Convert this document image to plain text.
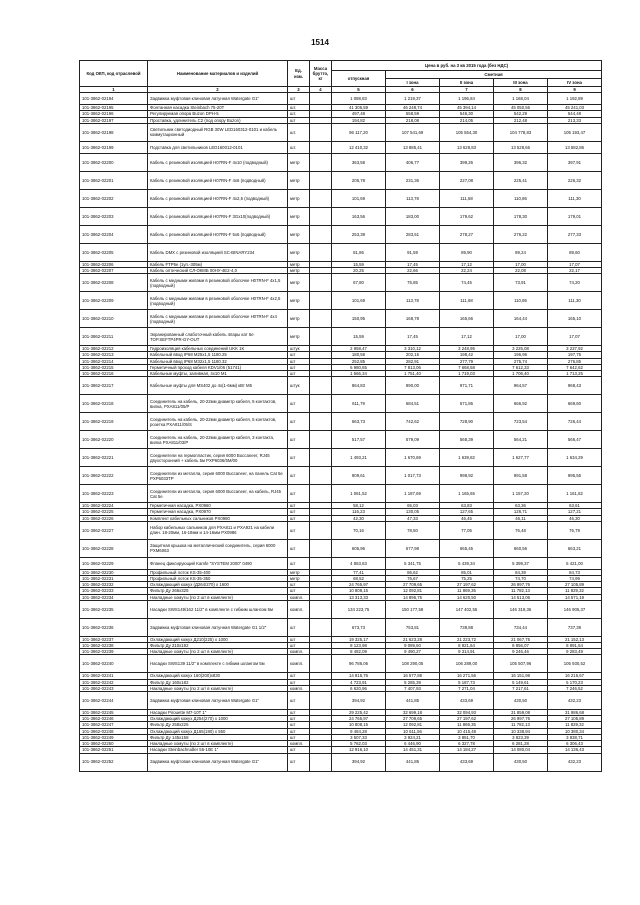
1514
Код ОКП, код отраслевой	Наименование материалов и изделий	Ед. изм.	Масса брутто, кг	Цена в руб. на 3 кв 2015 года (без НДС)				
				отпускная	Сметная			
					I зона	II зона	III зона	IV зона
1	2	3	4	5	6	7	8	9
101-3862-02194	Задвижка муфтовая клиновая латунная Watergate G1"	шт		1 088,83	1 219,37	1 196,84	1 168,04	1 192,89
101-3862-02195	Фонтанная насадка Steinbach 75-20Т	шт.		41 305,59	46 248,74	45 394,14	45 050,56	45 241,03
101-3862-02196	Регулируемая опора Buzon DPH-5	шт.		497,48	558,59	546,30	542,29	544,48
101-3862-02197	Проставка, удлинитель С2 (под опору Buzon)	шт		194,82	218,08	214,05	212,48	213,33
101-3862-02198	Светильник светодиодный RGB 30W LED160312-0101 и кабель коммутационный	шт.		96 117,20	107 541,69	105 554,30	104 778,83	105 193,47
101-3862-02199	Подставка для светильников LED160012-0101	шт.		12 410,32	13 885,41	13 628,83	13 528,66	13 582,86
101-3862-02200	Кабель с резиновой изоляцией H07RN-F 4х10 (подводный)	метр		363,58	406,77	399,26	396,32	397,91
101-3862-02201	Кабель с резиновой изоляцией H07RN-F 4х6 (подводный)	метр		206,78	231,36	227,08	225,41	226,32
101-3862-02202	Кабель с резиновой изоляцией H07RN-F 4х2,5 (подводный)	метр		101,69	113,78	111,68	110,86	111,30
101-3862-02203	Кабель с резиновой изоляцией H07RN-F 3Gх10(подводный)	метр		163,56	183,00	179,62	178,30	179,01
101-3862-02204	Кабель с резиновой изоляцией H07RN-F 5х6 (подводный)	метр		253,39	283,51	278,27	276,22	277,33
101-3862-02205	Кабель DMX с резиновой изоляцией SC-BINARY234	метр		81,86	91,59	89,90	89,24	89,60
101-3862-02206	Кабель FTP5e (1уп.-305м)	метр		15,59	17,45	17,12	17,00	17,07
101-3862-02207	Кабель оптический СЛ-ОКМБ 00НУ-4Е2-4,0	метр		20,25	22,66	22,24	22,08	22,17
101-3862-02208	Кабель с медными жилами в резиновой оболочке H07RN-F 4х1,5 (подводный)	метр		67,80	75,85	74,45	73,91	74,20
101-3862-02209	Кабель с медными жилами в резиновой оболочке H07RN-F 4х2,5 (подводный)	метр		101,69	113,78	111,68	110,86	111,30
101-3862-02210	Кабель с медными жилами в резиновой оболочке H07RN-F 4х4 (подводный)	метр		150,95	168,78	165,66	164,44	165,10
101-3862-02211	Экранированный слаботочный кабель 4пары кат 5е TOP.SEFTP4PR-GY-OUT	метр		15,59	17,45	17,12	17,00	17,07
101-3862-02212	Гидроизоляция кабельных соединений UKK 1K	штук		2 958,47	3 310,12	3 248,95	3 225,08	3 237,92
101-3862-02213	Кабельный ввод IP68 M25х1,5 1180.25	шт		180,58	202,15	198,42	196,96	197,75
101-3862-02214	Кабельный ввод IP68 M32х1,5 1180.32	шт		252,85	282,91	277,79	275,74	276,85
101-3862-02215	Герметичный проход кабеля KDV1/06 (51741)	шт		6 980,65	7 813,06	7 668,58	7 612,33	7 642,62
101-3862-02216	Кабельные муфты, заливная, 4х10 M1	шт		1 566,34	1 751,40	1 719,03	1 706,40	1 713,25
101-3862-02217	Кабельные муфты для MS402 до 4х(1-6мм) кВт M5	штук		864,83	990,00	971,71	964,57	968,43
101-3862-02218	Соединитель на кабель, 20-22мм диаметр кабеля, 5 контактов, вилка, PXA811/05/P	шт		611,79	684,51	671,86	666,92	669,60
101-3862-02219	Соединитель на кабель, 20-22мм диаметр кабеля, 5 контактов, розетка PXA811/05/S	шт		663,73	742,62	728,90	723,54	726,44
101-3862-02220	Соединитель на кабель, 20-22мм диаметр кабеля, 3 контакта, вилка PXA811/03/P	шт		517,57	579,09	568,39	564,21	566,47
101-3862-02221	Соединители на гермопластик, серия 6000 Buccaneer, RJ45 двухсторонний + кабель 5м PXP6036/5M/00	шт		1 493,21	1 670,69	1 639,82	1 627,77	1 634,29
101-3862-02222	Соединители из металла, серия 6000 Buccaneer, на панель Cat 5e PXP6033TP	шт		909,61	1 017,73	998,92	991,58	995,55
101-3862-02223	Соединители из металла, серия 6000 Buccaneer, на кабель, RJ45 Cat 5e	шт		1 061,52	1 187,69	1 165,65	1 157,20	1 161,82
101-3862-02224	Герметичная насадка, PX0960	шт		58,12	65,03	63,83	63,36	63,61
101-3862-02225	Герметичная насадка, PX0970	шт		116,23	130,05	127,65	126,71	127,21
101-3862-02226	Комплект кабельных сальников PX0980	шт		42,30	47,33	46,45	46,11	46,30
101-3862-02227	Набор кабельных сальников для PXA811 и PXA921 на кабели длин. 18-20мм, 16-18мм и 14-16мм PX0986	шт		70,16	78,50	77,05	76,48	76,79
101-3862-02228	Защитная крышка на металлический соединитель, серия 6000 PXM6063	шт		605,96	677,98	665,45	660,56	663,21
101-3862-02229	Фланец фиксирующий Kamfe "SYSTEM 2000" 0490	шт		4 853,63	5 341,75	5 439,34	5 399,37	5 421,00
101-3862-02230	Профильный лоток KS-35-400	метр		77,41	86,62	85,01	84,39	84,73
101-3862-02231	Профильный лоток KS-35-350	метр		68,52	76,67	75,25	74,70	74,99
101-3862-02232	Охлаждающий кожух (Д264/270) х 1600	шт		24 765,97	27 709,65	27 197,62	26 997,76	27 105,89
101-3862-02233	Фильтр Ду 266х325	шт		10 808,15	12 092,81	11 869,35	11 782,13	11 829,32
101-3862-02234	Накладные хомуты (по 2 шт в комплекте)	компл.		13 313,33	14 895,75	14 620,50	14 513,06	14 571,19
101-3862-02235	Насадки SWS149/162 11/2" в комплекте с гибким шлангом 5м	компл.		134 223,75	150 177,58	147 402,55	146 319,36	146 905,37
101-3862-02236	Задвижка муфтовая клиновая латунная Watergate G1 1/2"	шт		673,73	753,81	739,88	734,44	737,39
101-3862-02237	Охлаждающий кожух Д210(225) х 1000	шт		19 325,17	21 623,28	21 223,72	21 067,75	21 152,13
101-3862-02238	Фильтр Ду 210х192	шт		8 123,98	9 089,60	8 921,64	8 856,07	8 891,54
101-3862-02239	Накладные хомуты (по 2 шт в комплекте)	компл.		8 482,09	9 490,27	9 314,91	9 246,46	9 283,49
101-3862-02240	Насадки SWS139 11/2" в комплекте с гибким шлангом 5м	компл.		96 786,06	108 290,05	106 289,00	105 507,96	105 930,52
101-3862-02241	Охлаждающий кожух 160(200)х830	шт		14 815,76	16 577,88	16 271,56	16 151,98	16 216,67
101-3862-02242	Фильтр Ду 160х182	шт		4 723,91	5 285,39	5 187,73	5 149,61	5 170,23
101-3862-02243	Накладные хомуты (по 2 шт в комплекте)	компл.		6 620,96	7 407,93	7 271,04	7 217,61	7 246,52
101-3862-02244	Задвижка муфтовая клиновая латунная Watergate G1"	шт		394,92	441,85	433,69	430,50	432,23
101-3862-02245	Насадки Pirouette M7-10Т 1"	шт		29 225,42	32 699,18	32 094,93	31 859,08	31 986,68
101-3862-02246	Охлаждающий кожух Д254(270) х 1000	шт		24 765,97	27 709,65	27 197,62	26 997,76	27 105,89
101-3862-02247	Фильтр Ду 258х225	шт		10 808,15	12 092,81	11 869,35	11 782,13	11 829,32
101-3862-02248	Охлаждающий кожух Д165(180) х 550	шт		9 484,28	10 611,56	10 415,48	10 338,94	10 380,34
101-3862-02249	Фильтр Ду 145х158	шт		3 507,33	3 924,21	3 851,70	3 823,39	3 838,71
101-3862-02250	Накладные хомуты (по 2 шт в комплекте)	компл.		5 762,03	6 446,90	6 327,78	6 281,28	6 306,43
101-3862-02251	Насадки Steinbachrudler 55-10Е 1"	шт		12 916,10	14 451,31	14 184,27	14 080,04	14 136,43
101-3862-02252	Задвижка муфтовая клиновая латунная Watergate G1"	шт		394,92	441,85	433,69	430,50	432,23
